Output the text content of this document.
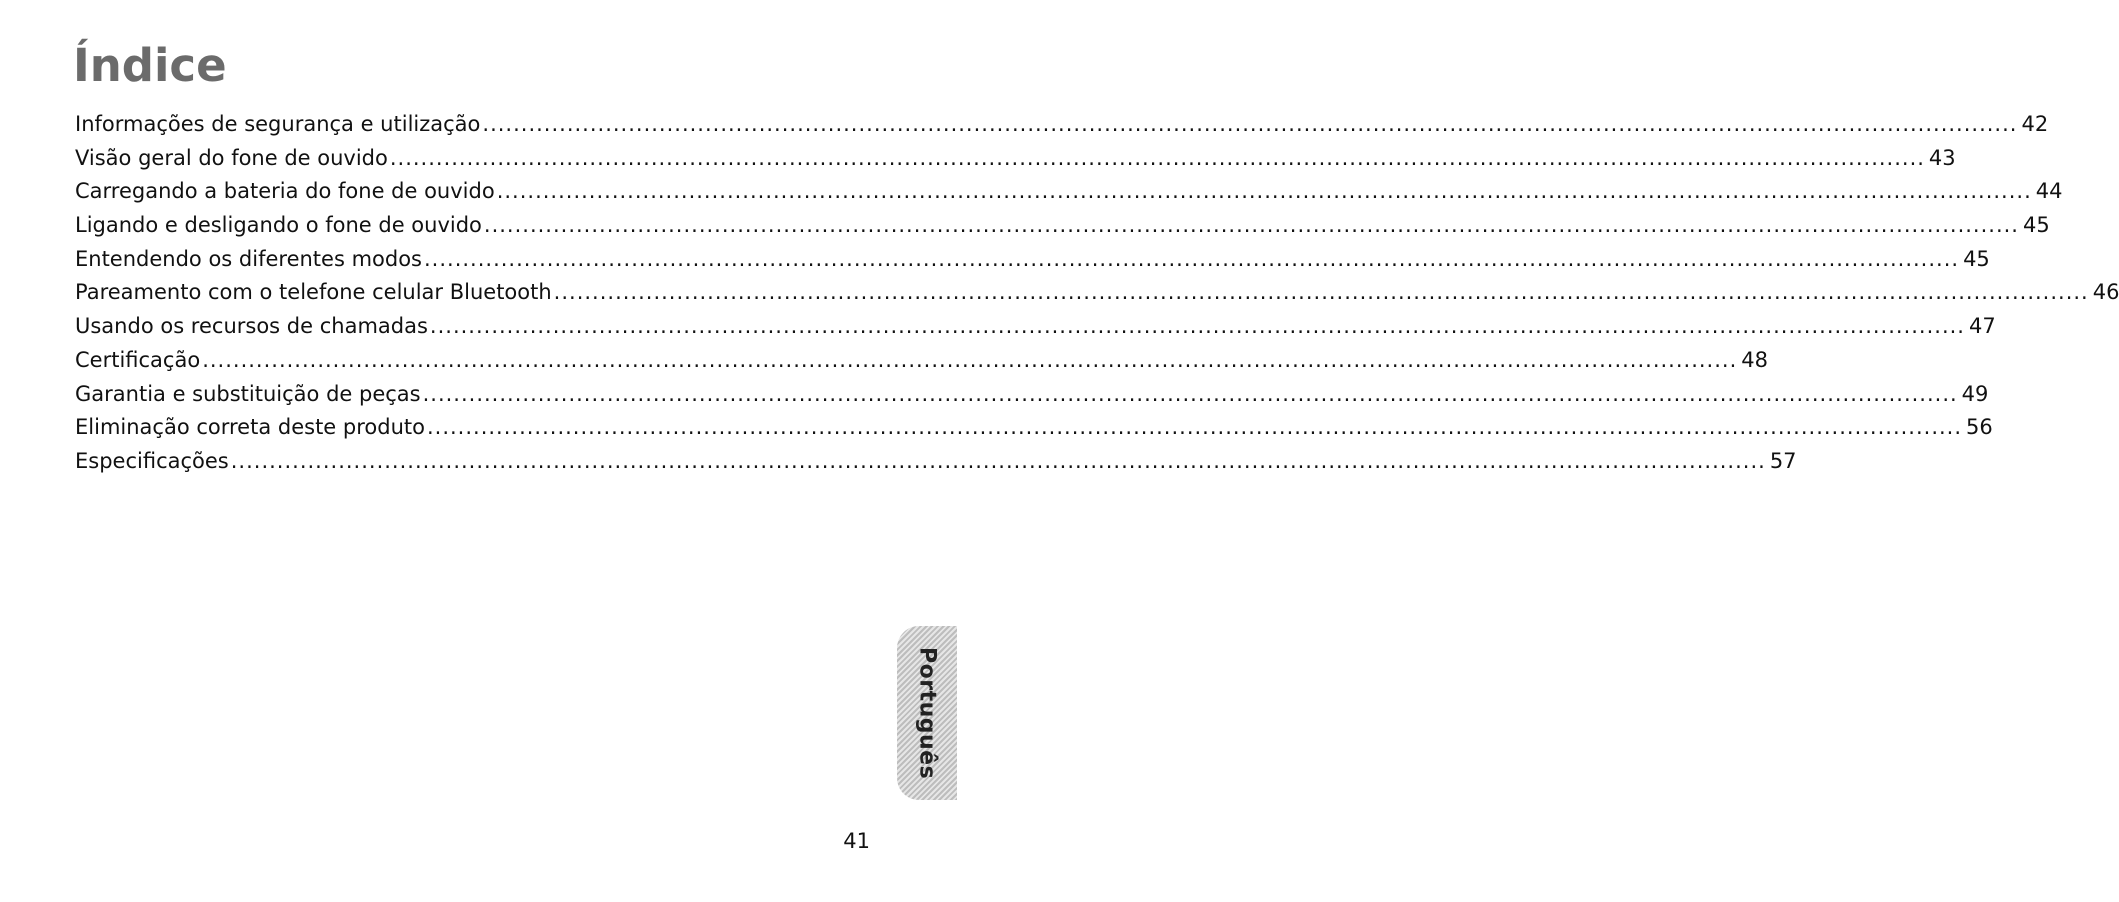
Índice
Informações de segurança e utilização ........................................................................................................................................................................................................ 42
Visão geral do fone de ouvido ........................................................................................................................................................................................................ 43
Carregando a bateria do fone de ouvido ........................................................................................................................................................................................................ 44
Ligando e desligando o fone de ouvido ........................................................................................................................................................................................................ 45
Entendendo os diferentes modos ........................................................................................................................................................................................................ 45
Pareamento com o telefone celular Bluetooth ........................................................................................................................................................................................................ 46
Usando os recursos de chamadas ........................................................................................................................................................................................................ 47
Certificação ........................................................................................................................................................................................................ 48
Garantia e substituição de peças ........................................................................................................................................................................................................ 49
Eliminação correta deste produto ........................................................................................................................................................................................................ 56
Especificações ........................................................................................................................................................................................................ 57
Português
41
